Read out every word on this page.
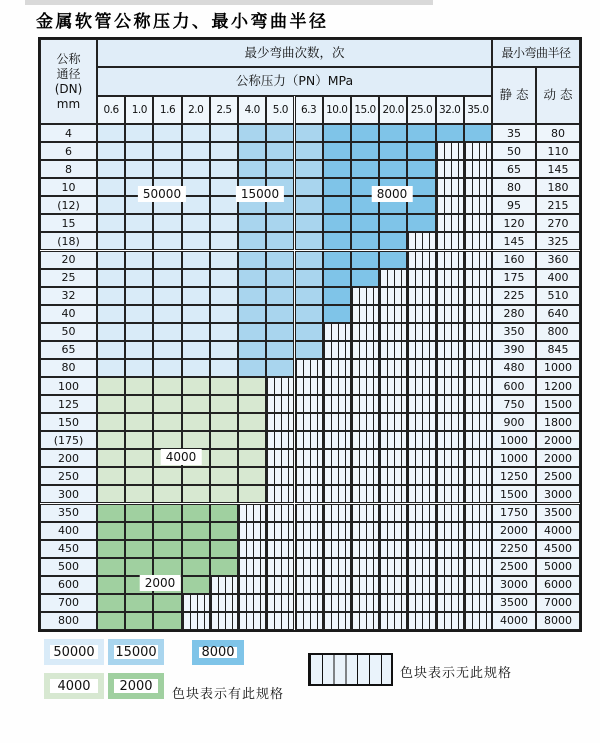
金属软管公称压力、最小弯曲半径
公称
通径
(DN)
mm
最少弯曲次数，次	最小弯曲半径
公称压力（PN）MPa
静 态	动 态
0.6	1.0	1.6	2.0	2.5	4.0	5.0	6.3 10.0 15.0 20.0 25.0 32.0 35.0
4	35	80
6	50	110
8	65	145
10	80	180
(12)	95	215
15	120	270
(18)	145	325
20	160	360
25	175	400
32	225	510
40	280	640
50	350	800
65	390	845
80	480	1000
100	600	1200
125	750	1500
150	900	1800
(175)	1000	2000
200	1000	2000
250	1250	2500
300	1500	3000
350	1750	3500
400	2000	4000
450	2250	4500
500	2500	5000
600	3000	6000
700	3500	7000
800	4000	8000
50000	15000	8000
4000
2000
色块表示有此规格
色块表示无此规格
50000	15000	8000
4000	2000
